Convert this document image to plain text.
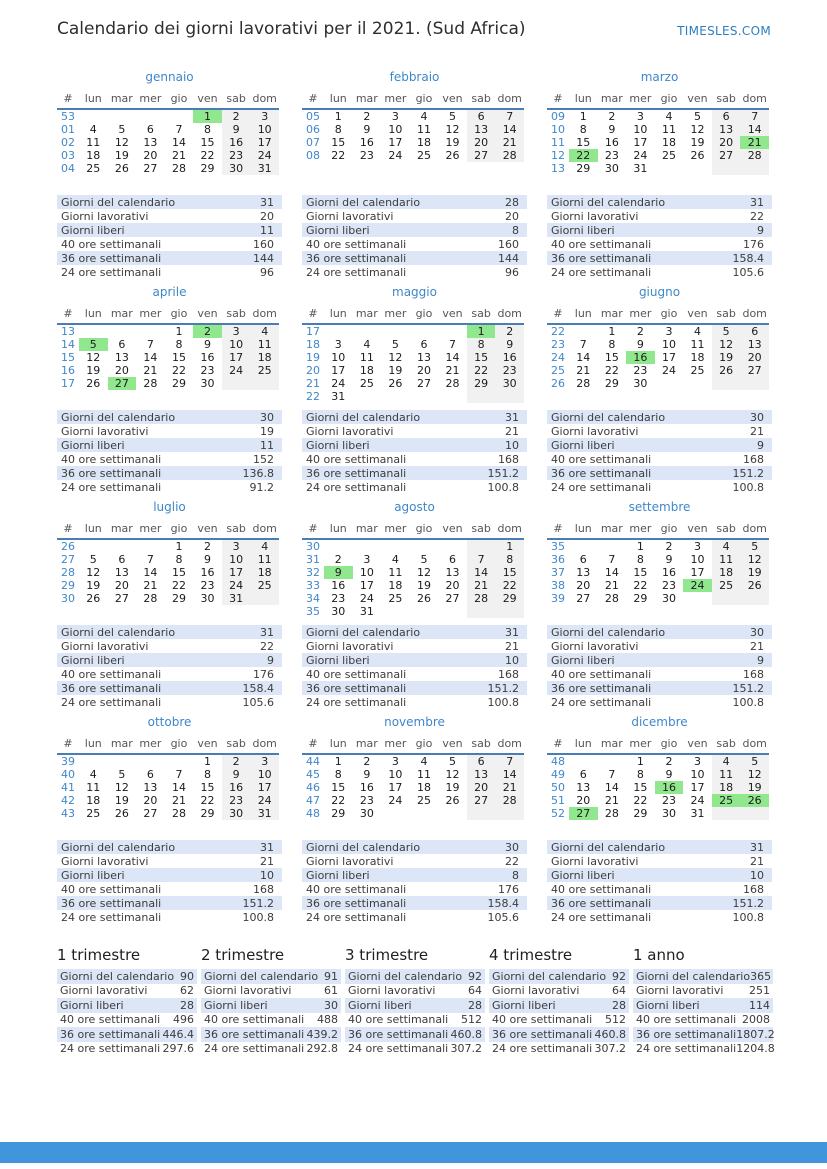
Calendario dei giorni lavorativi per il 2021. (Sud Africa)	TIMESLES.COM
gennaio
#	lun	mar	mer	gio	ven	sab	dom
53					1	2	3
01	4	5	6	7	8	9	10
02	11	12	13	14	15	16	17
03	18	19	20	21	22	23	24
04	25	26	27	28	29	30	31
Giorni del calendario	31
Giorni lavorativi	20
Giorni liberi	11
40 ore settimanali	160
36 ore settimanali	144
24 ore settimanali	96
febbraio
#	lun	mar	mer	gio	ven	sab	dom
05	1	2	3	4	5	6	7
06	8	9	10	11	12	13	14
07	15	16	17	18	19	20	21
08	22	23	24	25	26	27	28
Giorni del calendario	28
Giorni lavorativi	20
Giorni liberi	8
40 ore settimanali	160
36 ore settimanali	144
24 ore settimanali	96
marzo
#	lun	mar	mer	gio	ven	sab	dom
09	1	2	3	4	5	6	7
10	8	9	10	11	12	13	14
11	15	16	17	18	19	20	21
12	22	23	24	25	26	27	28
13	29	30	31				
Giorni del calendario	31
Giorni lavorativi	22
Giorni liberi	9
40 ore settimanali	176
36 ore settimanali	158.4
24 ore settimanali	105.6
aprile
#	lun	mar	mer	gio	ven	sab	dom
13				1	2	3	4
14	5	6	7	8	9	10	11
15	12	13	14	15	16	17	18
16	19	20	21	22	23	24	25
17	26	27	28	29	30		
Giorni del calendario	30
Giorni lavorativi	19
Giorni liberi	11
40 ore settimanali	152
36 ore settimanali	136.8
24 ore settimanali	91.2
maggio
#	lun	mar	mer	gio	ven	sab	dom
17						1	2
18	3	4	5	6	7	8	9
19	10	11	12	13	14	15	16
20	17	18	19	20	21	22	23
21	24	25	26	27	28	29	30
22	31						
Giorni del calendario	31
Giorni lavorativi	21
Giorni liberi	10
40 ore settimanali	168
36 ore settimanali	151.2
24 ore settimanali	100.8
giugno
#	lun	mar	mer	gio	ven	sab	dom
22		1	2	3	4	5	6
23	7	8	9	10	11	12	13
24	14	15	16	17	18	19	20
25	21	22	23	24	25	26	27
26	28	29	30				
Giorni del calendario	30
Giorni lavorativi	21
Giorni liberi	9
40 ore settimanali	168
36 ore settimanali	151.2
24 ore settimanali	100.8
luglio
#	lun	mar	mer	gio	ven	sab	dom
26				1	2	3	4
27	5	6	7	8	9	10	11
28	12	13	14	15	16	17	18
29	19	20	21	22	23	24	25
30	26	27	28	29	30	31	
Giorni del calendario	31
Giorni lavorativi	22
Giorni liberi	9
40 ore settimanali	176
36 ore settimanali	158.4
24 ore settimanali	105.6
agosto
#	lun	mar	mer	gio	ven	sab	dom
30							1
31	2	3	4	5	6	7	8
32	9	10	11	12	13	14	15
33	16	17	18	19	20	21	22
34	23	24	25	26	27	28	29
35	30	31					
Giorni del calendario	31
Giorni lavorativi	21
Giorni liberi	10
40 ore settimanali	168
36 ore settimanali	151.2
24 ore settimanali	100.8
settembre
#	lun	mar	mer	gio	ven	sab	dom
35			1	2	3	4	5
36	6	7	8	9	10	11	12
37	13	14	15	16	17	18	19
38	20	21	22	23	24	25	26
39	27	28	29	30			
Giorni del calendario	30
Giorni lavorativi	21
Giorni liberi	9
40 ore settimanali	168
36 ore settimanali	151.2
24 ore settimanali	100.8
ottobre
#	lun	mar	mer	gio	ven	sab	dom
39					1	2	3
40	4	5	6	7	8	9	10
41	11	12	13	14	15	16	17
42	18	19	20	21	22	23	24
43	25	26	27	28	29	30	31
Giorni del calendario	31
Giorni lavorativi	21
Giorni liberi	10
40 ore settimanali	168
36 ore settimanali	151.2
24 ore settimanali	100.8
novembre
#	lun	mar	mer	gio	ven	sab	dom
44	1	2	3	4	5	6	7
45	8	9	10	11	12	13	14
46	15	16	17	18	19	20	21
47	22	23	24	25	26	27	28
48	29	30					
Giorni del calendario	30
Giorni lavorativi	22
Giorni liberi	8
40 ore settimanali	176
36 ore settimanali	158.4
24 ore settimanali	105.6
dicembre
#	lun	mar	mer	gio	ven	sab	dom
48			1	2	3	4	5
49	6	7	8	9	10	11	12
50	13	14	15	16	17	18	19
51	20	21	22	23	24	25	26
52	27	28	29	30	31		
Giorni del calendario	31
Giorni lavorativi	21
Giorni liberi	10
40 ore settimanali	168
36 ore settimanali	151.2
24 ore settimanali	100.8
1 trimestre
Giorni del calendario 90
Giorni lavorativi	62
Giorni liberi	28
40 ore settimanali 496
36 ore settimanali 446.4
24 ore settimanali 297.6
2 trimestre
Giorni del calendario 91
Giorni lavorativi	61
Giorni liberi	30
40 ore settimanali 488
36 ore settimanali 439.2
24 ore settimanali 292.8
3 trimestre
Giorni del calendario 92
Giorni lavorativi	64
Giorni liberi	28
40 ore settimanali 512
36 ore settimanali 460.8
24 ore settimanali 307.2
4 trimestre
Giorni del calendario 92
Giorni lavorativi	64
Giorni liberi	28
40 ore settimanali 512
36 ore settimanali 460.8
24 ore settimanali 307.2
1 anno
Giorni del calendario 365
Giorni lavorativi 251
Giorni liberi	114
40 ore settimanali 2008
36 ore settimanali 1807.2
24 ore settimanali 1204.8
